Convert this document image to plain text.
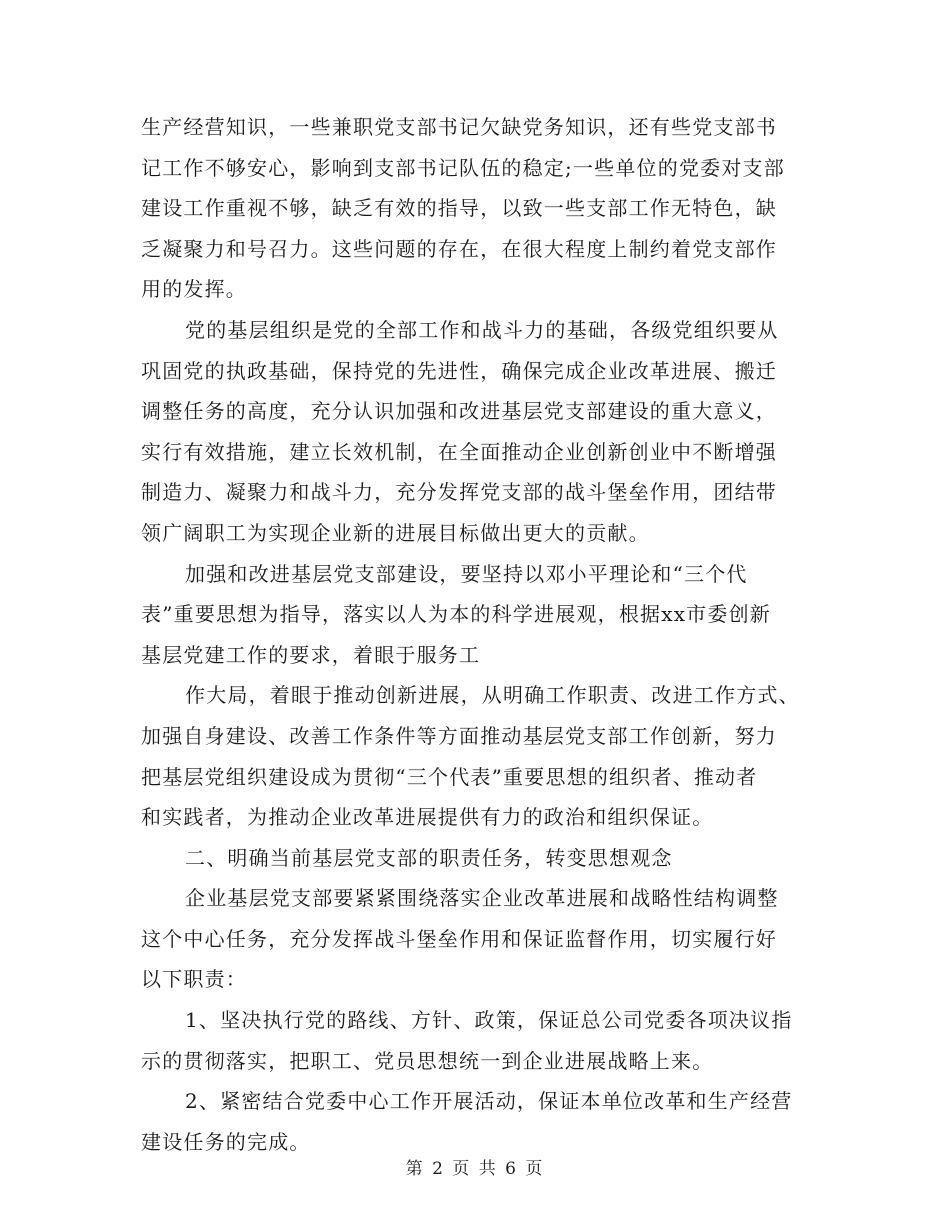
生产经营知识，一些兼职党支部书记欠缺党务知识，还有些党支部书
记工作不够安心，影响到支部书记队伍的稳定;一些单位的党委对支部
建设工作重视不够，缺乏有效的指导，以致一些支部工作无特色，缺
乏凝聚力和号召力。这些问题的存在，在很大程度上制约着党支部作
用的发挥。
党的基层组织是党的全部工作和战斗力的基础，各级党组织要从
巩固党的执政基础，保持党的先进性，确保完成企业改革进展、搬迁
调整任务的高度，充分认识加强和改进基层党支部建设的重大意义，
实行有效措施，建立长效机制，在全面推动企业创新创业中不断增强
制造力、凝聚力和战斗力，充分发挥党支部的战斗堡垒作用，团结带
领广阔职工为实现企业新的进展目标做出更大的贡献。
加强和改进基层党支部建设，要坚持以邓小平理论和“三个代
表”重要思想为指导，落实以人为本的科学进展观，根据xx市委创新
基层党建工作的要求，着眼于服务工
作大局，着眼于推动创新进展，从明确工作职责、改进工作方式、
加强自身建设、改善工作条件等方面推动基层党支部工作创新，努力
把基层党组织建设成为贯彻“三个代表”重要思想的组织者、推动者
和实践者，为推动企业改革进展提供有力的政治和组织保证。
二、明确当前基层党支部的职责任务，转变思想观念
企业基层党支部要紧紧围绕落实企业改革进展和战略性结构调整
这个中心任务，充分发挥战斗堡垒作用和保证监督作用，切实履行好
以下职责：
1、坚决执行党的路线、方针、政策，保证总公司党委各项决议指
示的贯彻落实，把职工、党员思想统一到企业进展战略上来。
2、紧密结合党委中心工作开展活动，保证本单位改革和生产经营
建设任务的完成。
第 2 页 共 6 页
